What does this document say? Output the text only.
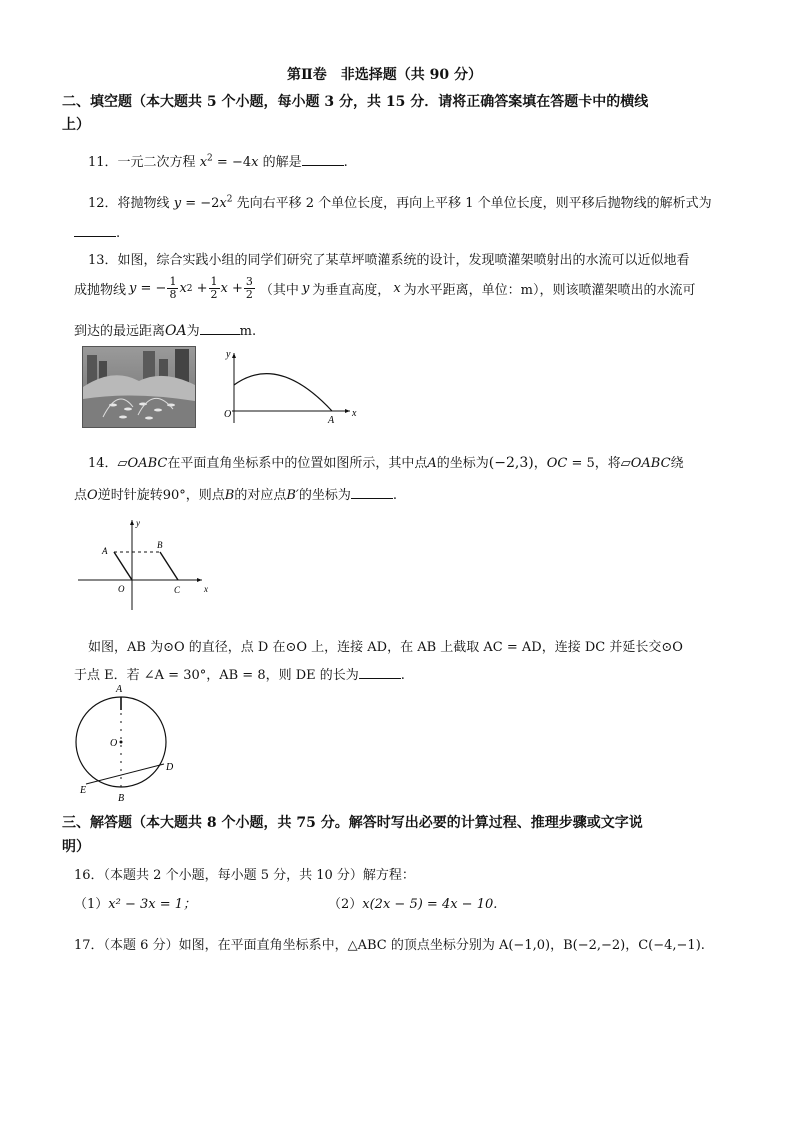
第Ⅱ卷　非选择题（共 90 分）
二、填空题（本大题共 5 个小题，每小题 3 分，共 15 分．请将正确答案填在答题卡中的横线
上）
11．一元二次方程 $x^2 = -4x$ 的解是	.
12．将抛物线 $y = -2x^2$ 先向右平移 2 个单位长度，再向上平移 1 个单位长度，则平移后抛物线的解析式为
.
13．如图，综合实践小组的同学们研究了某草坪喷灌系统的设计，发现喷灌架喷射出的水流可以近似地看
成抛物线 y = − $\frac{1}{8}$ x $2 + \frac{1}{2}$ $x + \frac{3}{2}$ （其中 y 为垂直高度， x 为水平距离，单位：m），则该喷灌架喷出的水流可
到达的最远距离OA为	m.
y
x
O
A
14．▱OABC在平面直角坐标系中的位置如图所示，其中点A的坐标为(−2,3)，OC = 5，将▱OABC绕
点O逆时针旋转90°，则点B的对应点B′的坐标为	.
y
x
O
A
B
C
如图，AB 为⊙O 的直径，点 D 在⊙O 上，连接 AD，在 AB 上截取 AC = AD，连接 DC 并延长交⊙O
于点 E．若 ∠A = 30°，AB = 8，则 DE 的长为	.
A
O
D
E
B
三、解答题（本大题共 8 个小题，共 75 分。解答时写出必要的计算过程、推理步骤或文字说
明）
16．（本题共 2 个小题，每小题 5 分，共 10 分）解方程：
（1）x² − 3x = 1；	（2）x(2x − 5) = 4x − 10.
17．（本题 6 分）如图，在平面直角坐标系中，△ABC 的顶点坐标分别为 A(−1,0)，B(−2,−2)，C(−4,−1).
